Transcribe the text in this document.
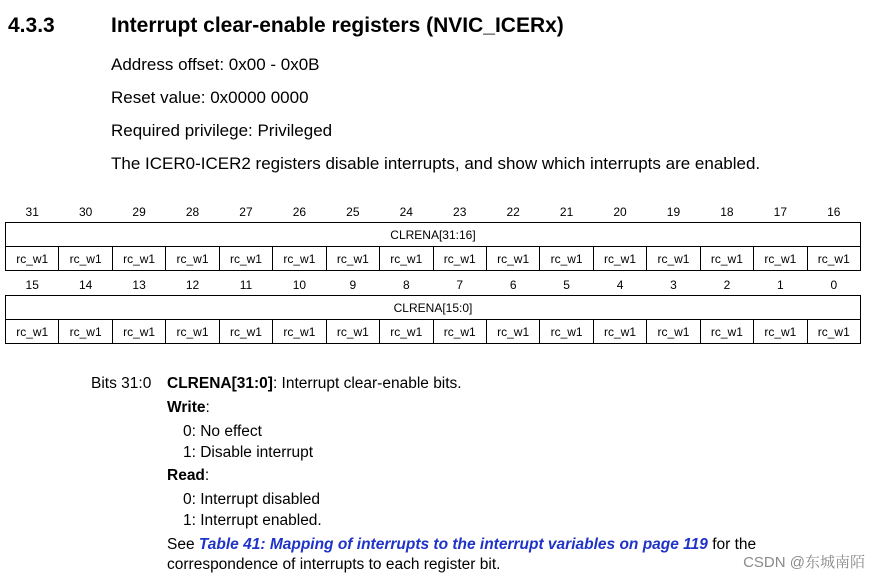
4.3.3	Interrupt clear-enable registers (NVIC_ICERx)
Address offset: 0x00 - 0x0B
Reset value: 0x0000 0000
Required privilege: Privileged
The ICER0-ICER2 registers disable interrupts, and show which interrupts are enabled.
31	30	29	28	27	26	25	24	23	22	21	20	19	18	17	16
CLRENA[31:16]															
rc_w1	rc_w1	rc_w1	rc_w1	rc_w1	rc_w1	rc_w1	rc_w1	rc_w1	rc_w1	rc_w1	rc_w1	rc_w1	rc_w1	rc_w1	rc_w1
15	14	13	12	11	10	9	8	7	6	5	4	3	2	1	0
CLRENA[15:0]															
rc_w1	rc_w1	rc_w1	rc_w1	rc_w1	rc_w1	rc_w1	rc_w1	rc_w1	rc_w1	rc_w1	rc_w1	rc_w1	rc_w1	rc_w1	rc_w1
Bits 31:0 CLRENA[31:0]: Interrupt clear-enable bits.
Write:
0: No effect
1: Disable interrupt
Read:
0: Interrupt disabled
1: Interrupt enabled.
See Table 41: Mapping of interrupts to the interrupt variables on page 119 for the
correspondence of interrupts to each register bit.	CSDN @东城南陌
